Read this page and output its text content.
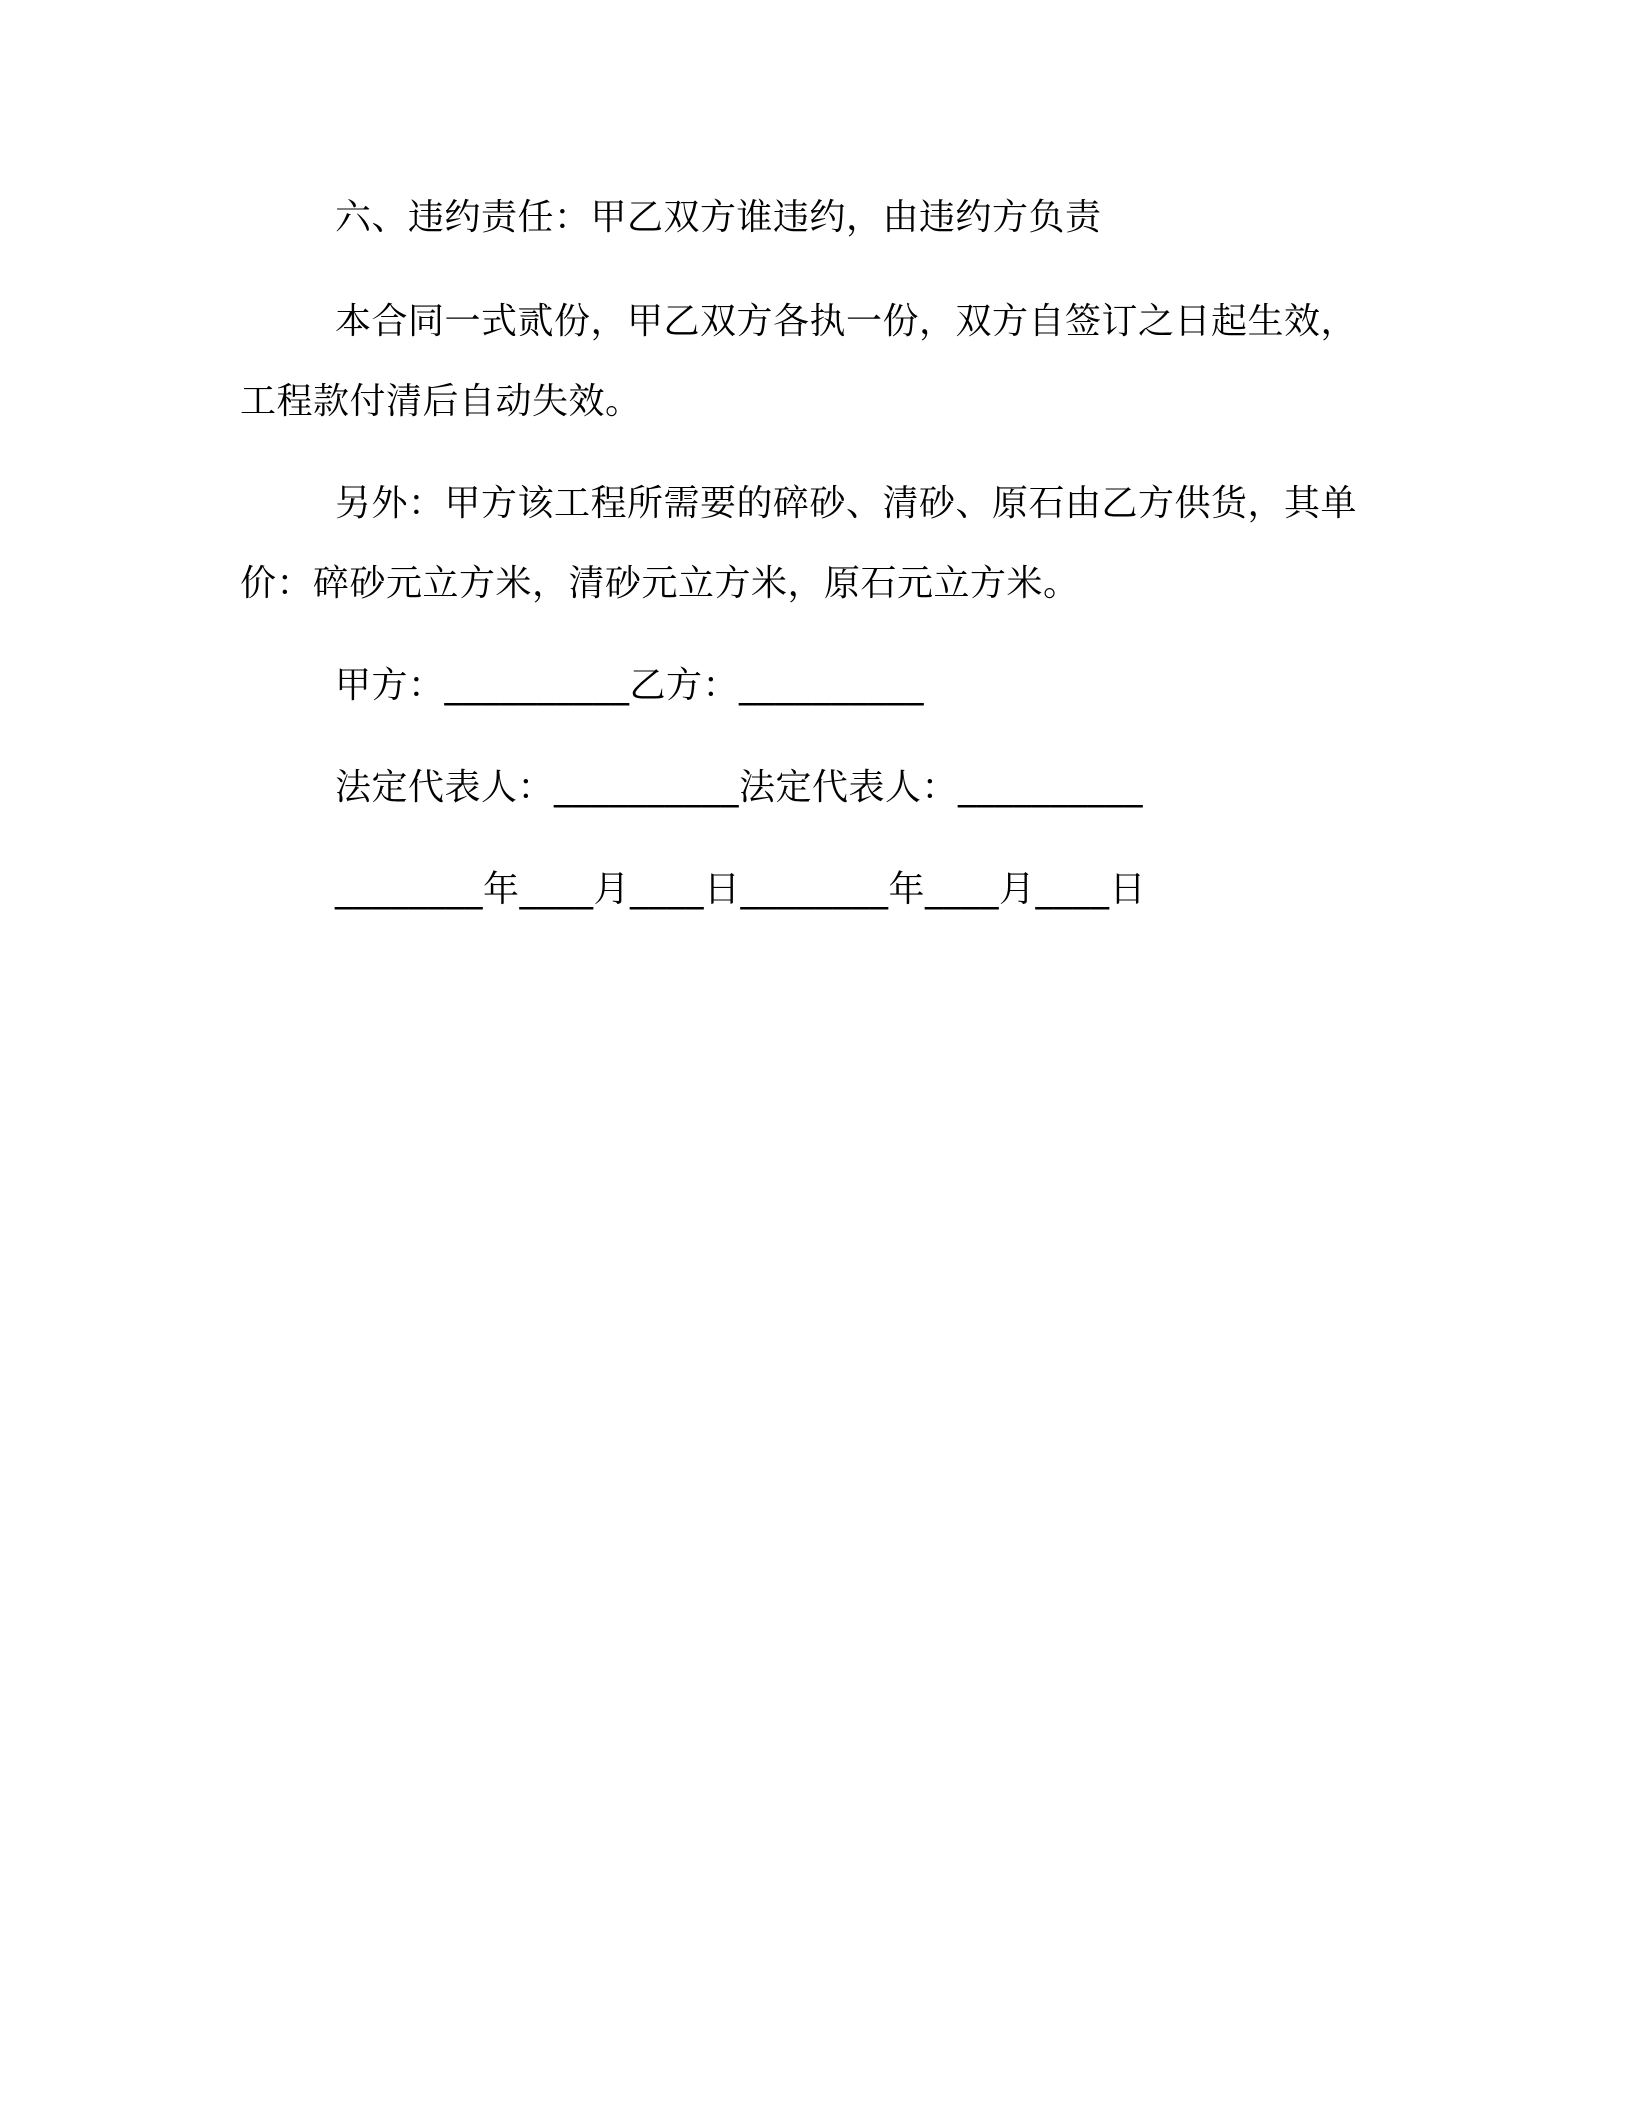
六、违约责任：甲乙双方谁违约，由违约方负责
本合同一式贰份，甲乙双方各执一份，双方自签订之日起生效，
工程款付清后自动失效。
另外：甲方该工程所需要的碎砂、清砂、原石由乙方供货，其单
价：碎砂元立方米，清砂元立方米，原石元立方米。
甲方：__________乙方：__________
法定代表人：__________法定代表人：__________
________年____月____日________年____月____日
